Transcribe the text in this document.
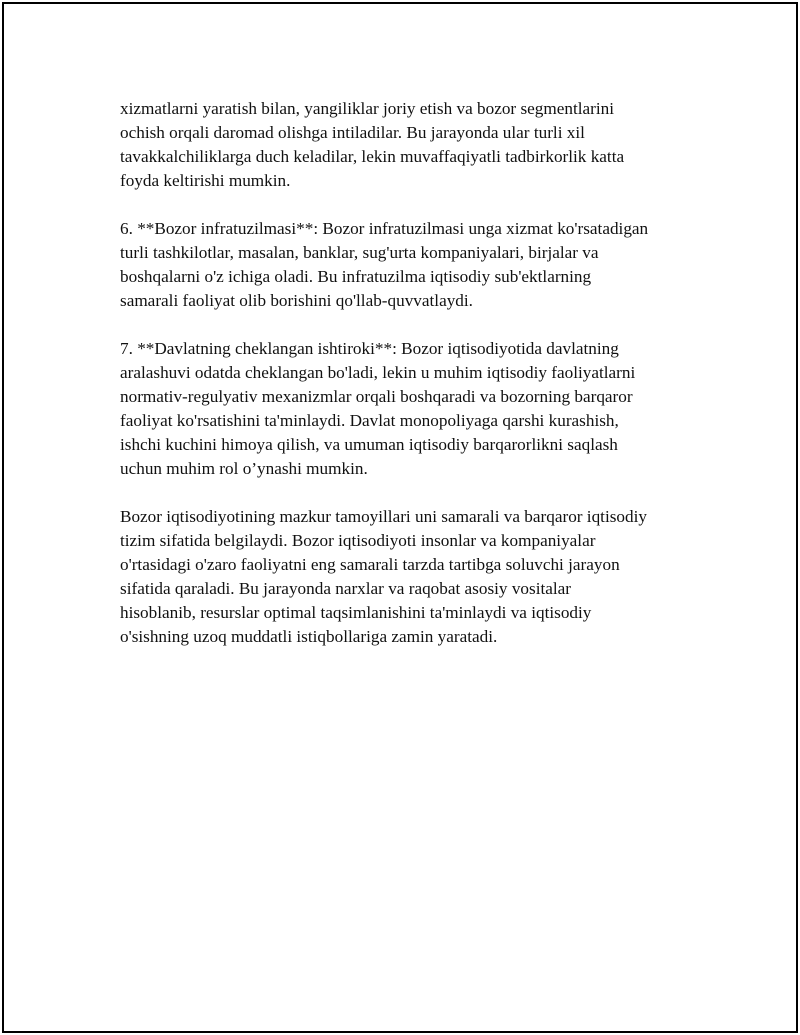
xizmatlarni yaratish bilan, yangiliklar joriy etish va bozor segmentlarini
ochish orqali daromad olishga intiladilar. Bu jarayonda ular turli xil
tavakkalchiliklarga duch keladilar, lekin muvaffaqiyatli tadbirkorlik katta
foyda keltirishi mumkin.

6. **Bozor infratuzilmasi**: Bozor infratuzilmasi unga xizmat ko'rsatadigan
turli tashkilotlar, masalan, banklar, sug'urta kompaniyalari, birjalar va
boshqalarni o'z ichiga oladi. Bu infratuzilma iqtisodiy sub'ektlarning
samarali faoliyat olib borishini qo'llab-quvvatlaydi.

7. **Davlatning cheklangan ishtiroki**: Bozor iqtisodiyotida davlatning
aralashuvi odatda cheklangan bo'ladi, lekin u muhim iqtisodiy faoliyatlarni
normativ-regulyativ mexanizmlar orqali boshqaradi va bozorning barqaror
faoliyat ko'rsatishini ta'minlaydi. Davlat monopoliyaga qarshi kurashish,
ishchi kuchini himoya qilish, va umuman iqtisodiy barqarorlikni saqlash
uchun muhim rol o’ynashi mumkin.

Bozor iqtisodiyotining mazkur tamoyillari uni samarali va barqaror iqtisodiy
tizim sifatida belgilaydi. Bozor iqtisodiyoti insonlar va kompaniyalar
o'rtasidagi o'zaro faoliyatni eng samarali tarzda tartibga soluvchi jarayon
sifatida qaraladi. Bu jarayonda narxlar va raqobat asosiy vositalar
hisoblanib, resurslar optimal taqsimlanishini ta'minlaydi va iqtisodiy
o'sishning uzoq muddatli istiqbollariga zamin yaratadi.
